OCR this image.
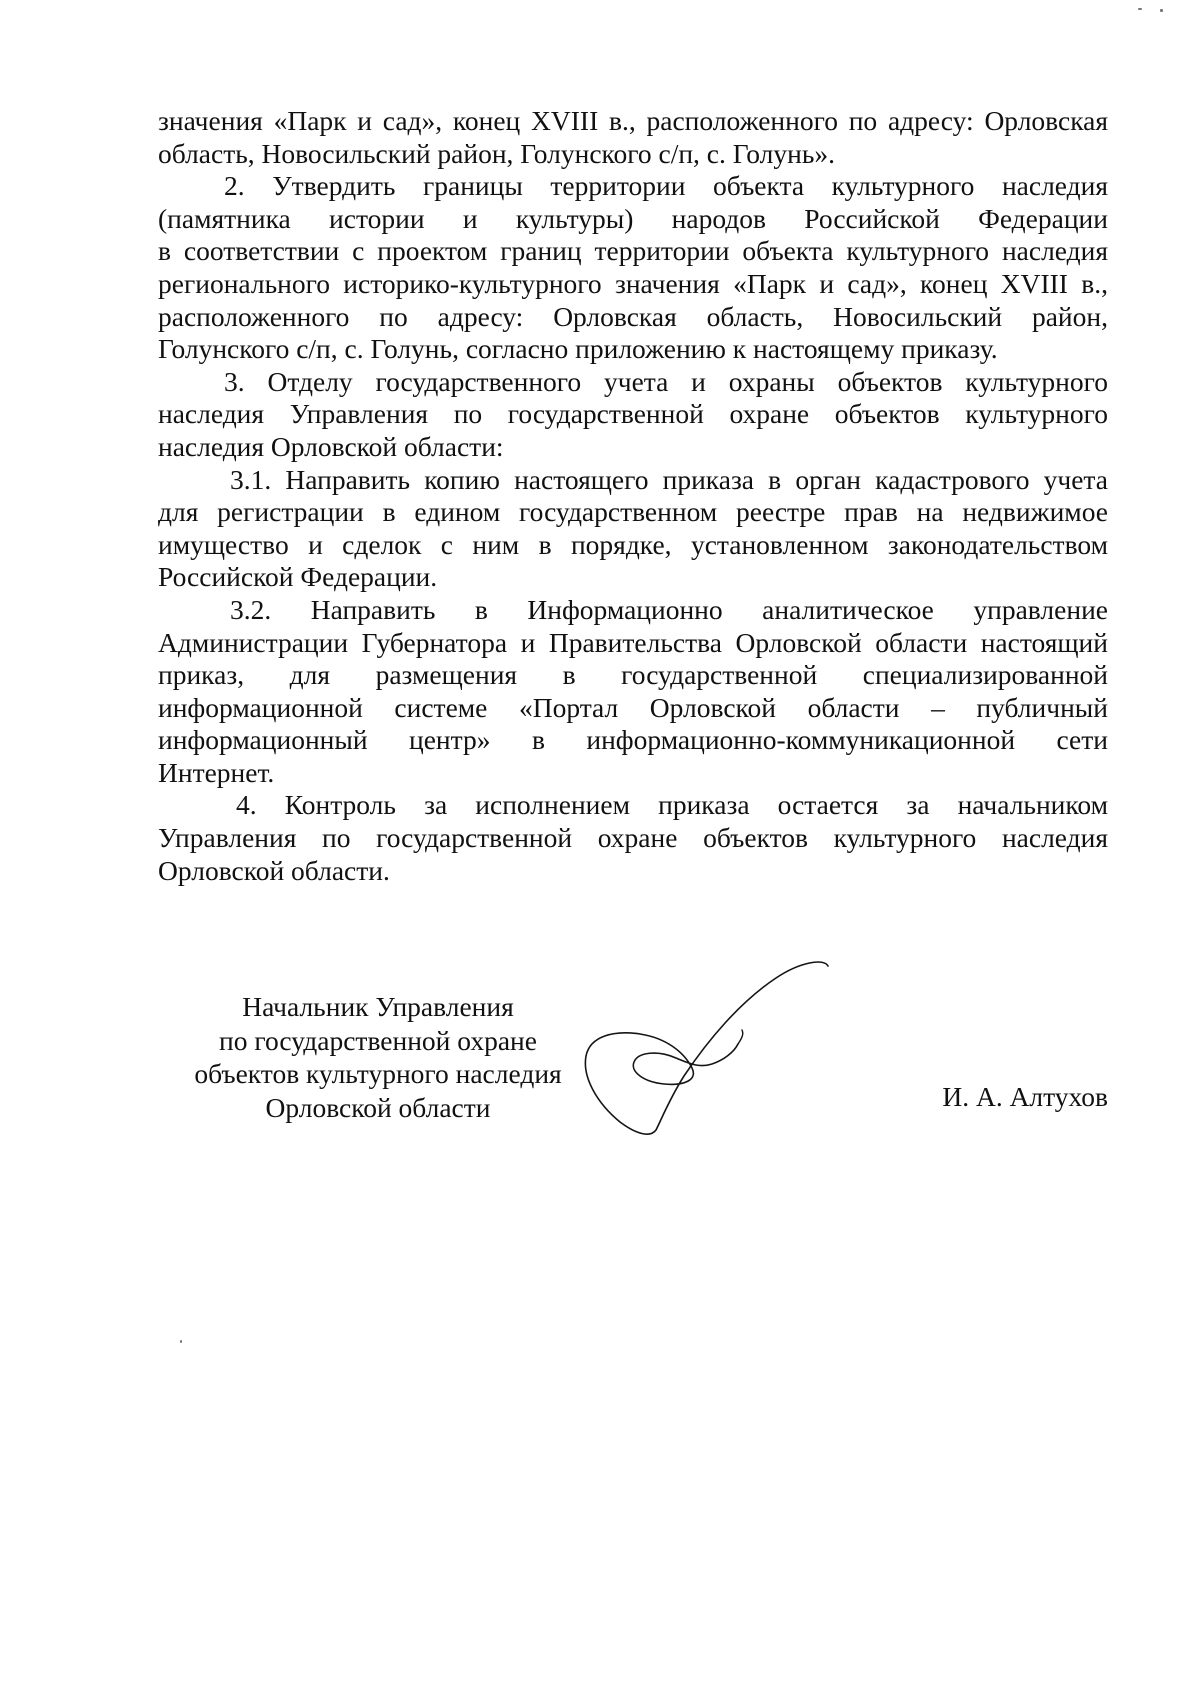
значения «Парк и сад», конец XVIII в., расположенного по адресу: Орловская
область, Новосильский район, Голунского с/п, с. Голунь».
2. Утвердить границы территории объекта культурного наследия
(памятника истории и культуры) народов Российской Федерации
в соответствии с проектом границ территории объекта культурного наследия
регионального историко-культурного значения «Парк и сад», конец XVIII в.,
расположенного по адресу: Орловская область, Новосильский район,
Голунского с/п, с. Голунь, согласно приложению к настоящему приказу.
3. Отделу государственного учета и охраны объектов культурного
наследия Управления по государственной охране объектов культурного
наследия Орловской области:
3.1. Направить копию настоящего приказа в орган кадастрового учета
для регистрации в едином государственном реестре прав на недвижимое
имущество и сделок с ним в порядке, установленном законодательством
Российской Федерации.
3.2. Направить в Информационно аналитическое управление
Администрации Губернатора и Правительства Орловской области настоящий
приказ, для размещения в государственной специализированной
информационной системе «Портал Орловской области – публичный
информационный центр» в информационно-коммуникационной сети
Интернет.
4. Контроль за исполнением приказа остается за начальником
Управления по государственной охране объектов культурного наследия
Орловской области.
Начальник Управления
по государственной охране
объектов культурного наследия
Орловской области	И. А. Алтухов
